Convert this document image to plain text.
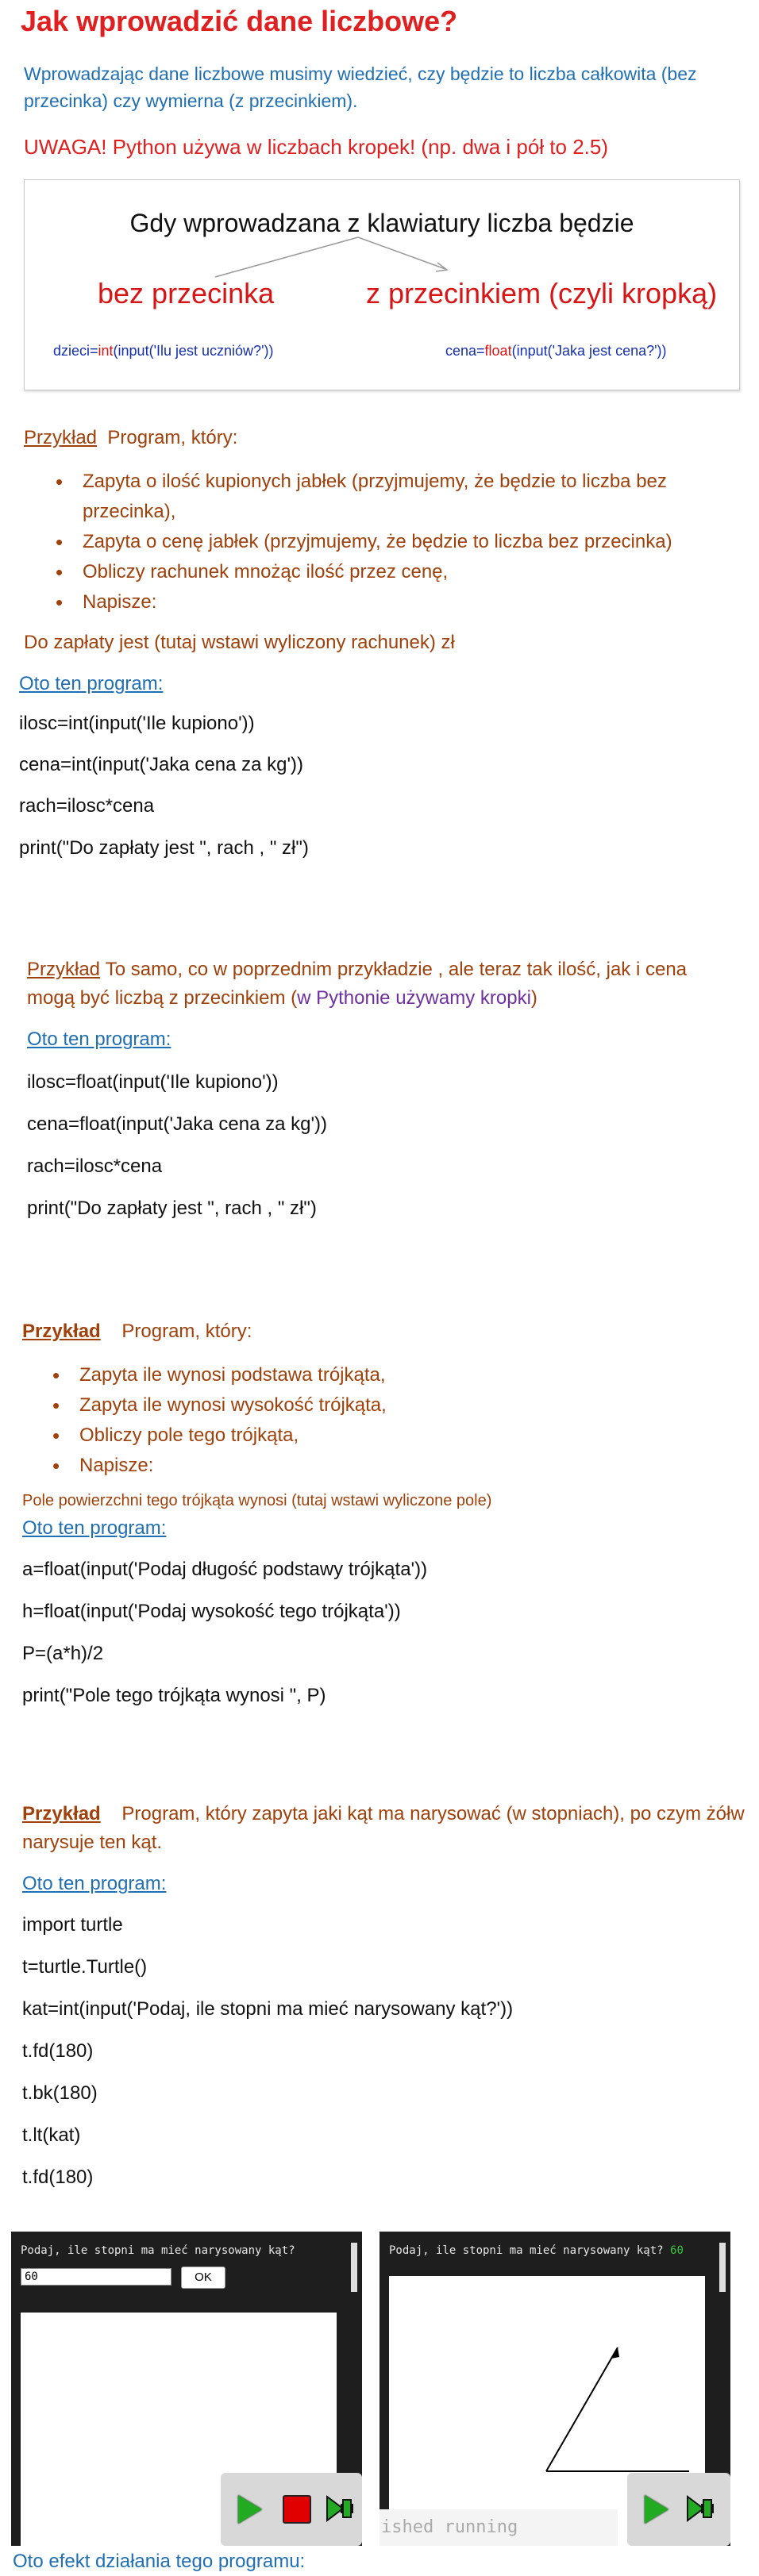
Jak wprowadzić dane liczbowe?
Wprowadzając dane liczbowe musimy wiedzieć, czy będzie to liczba całkowita (bez przecinka) czy wymierna (z przecinkiem).
UWAGA! Python używa w liczbach kropek! (np. dwa i pół to 2.5)
Gdy wprowadzana z klawiatury liczba będzie
bez przecinka	z przecinkiem (czyli kropką)
dzieci=int(input('Ilu jest uczniów?'))	cena=float(input('Jaka jest cena?'))
Przykład Program, który:
• Zapyta o ilość kupionych jabłek (przyjmujemy, że będzie to liczba bez przecinka),
• Zapyta o cenę jabłek (przyjmujemy, że będzie to liczba bez przecinka)
• Obliczy rachunek mnożąc ilość przez cenę,
• Napisze:
Do zapłaty jest (tutaj wstawi wyliczony rachunek) zł
Oto ten program:
ilosc=int(input('Ile kupiono'))
cena=int(input('Jaka cena za kg'))
rach=ilosc*cena
print("Do zapłaty jest ", rach , " zł")
Przykład To samo, co w poprzednim przykładzie , ale teraz tak ilość, jak i cena mogą być liczbą z przecinkiem (w Pythonie używamy kropki)
Oto ten program:
ilosc=float(input('Ile kupiono'))
cena=float(input('Jaka cena za kg'))
rach=ilosc*cena
print("Do zapłaty jest ", rach , " zł")
Przykład Program, który:
• Zapyta ile wynosi podstawa trójkąta,
• Zapyta ile wynosi wysokość trójkąta,
• Obliczy pole tego trójkąta,
• Napisze:
Pole powierzchni tego trójkąta wynosi (tutaj wstawi wyliczone pole)
Oto ten program:
a=float(input('Podaj długość podstawy trójkąta'))
h=float(input('Podaj wysokość tego trójkąta'))
P=(a*h)/2
print("Pole tego trójkąta wynosi ", P)
Przykład Program, który zapyta jaki kąt ma narysować (w stopniach), po czym żółw narysuje ten kąt.
Oto ten program:
import turtle
t=turtle.Turtle()
kat=int(input('Podaj, ile stopni ma mieć narysowany kąt?'))
t.fd(180)
t.bk(180)
t.lt(kat)
t.fd(180)
Podaj, ile stopni ma mieć narysowany kąt?
60
OK
Podaj, ile stopni ma mieć narysowany kąt? 60
ished running
Oto efekt działania tego programu:
